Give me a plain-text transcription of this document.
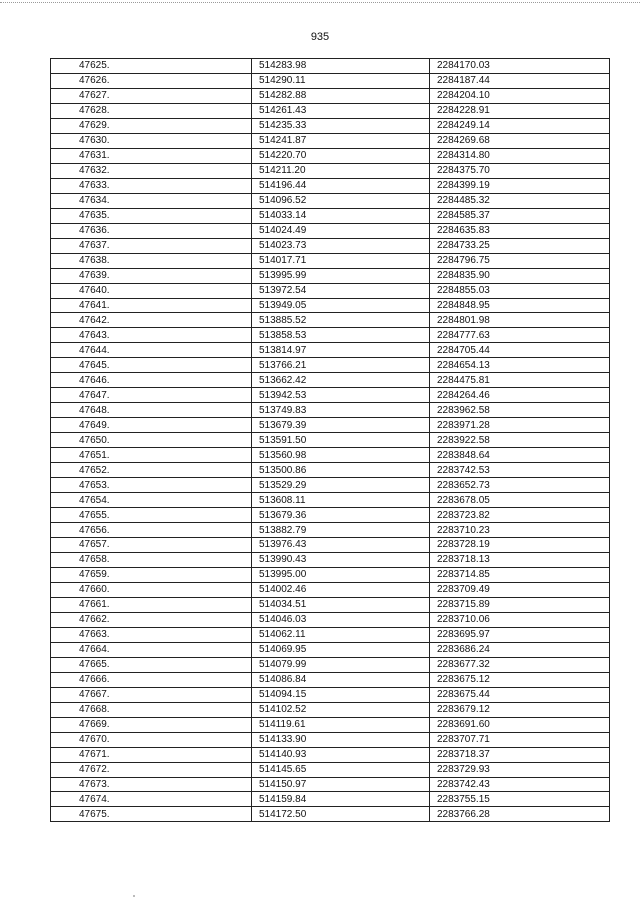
935
47625.	514283.98	2284170.03
47626.	514290.11	2284187.44
47627.	514282.88	2284204.10
47628.	514261.43	2284228.91
47629.	514235.33	2284249.14
47630.	514241.87	2284269.68
47631.	514220.70	2284314.80
47632.	514211.20	2284375.70
47633.	514196.44	2284399.19
47634.	514096.52	2284485.32
47635.	514033.14	2284585.37
47636.	514024.49	2284635.83
47637.	514023.73	2284733.25
47638.	514017.71	2284796.75
47639.	513995.99	2284835.90
47640.	513972.54	2284855.03
47641.	513949.05	2284848.95
47642.	513885.52	2284801.98
47643.	513858.53	2284777.63
47644.	513814.97	2284705.44
47645.	513766.21	2284654.13
47646.	513662.42	2284475.81
47647.	513942.53	2284264.46
47648.	513749.83	2283962.58
47649.	513679.39	2283971.28
47650.	513591.50	2283922.58
47651.	513560.98	2283848.64
47652.	513500.86	2283742.53
47653.	513529.29	2283652.73
47654.	513608.11	2283678.05
47655.	513679.36	2283723.82
47656.	513882.79	2283710.23
47657.	513976.43	2283728.19
47658.	513990.43	2283718.13
47659.	513995.00	2283714.85
47660.	514002.46	2283709.49
47661.	514034.51	2283715.89
47662.	514046.03	2283710.06
47663.	514062.11	2283695.97
47664.	514069.95	2283686.24
47665.	514079.99	2283677.32
47666.	514086.84	2283675.12
47667.	514094.15	2283675.44
47668.	514102.52	2283679.12
47669.	514119.61	2283691.60
47670.	514133.90	2283707.71
47671.	514140.93	2283718.37
47672.	514145.65	2283729.93
47673.	514150.97	2283742.43
47674.	514159.84	2283755.15
47675.	514172.50	2283766.28
